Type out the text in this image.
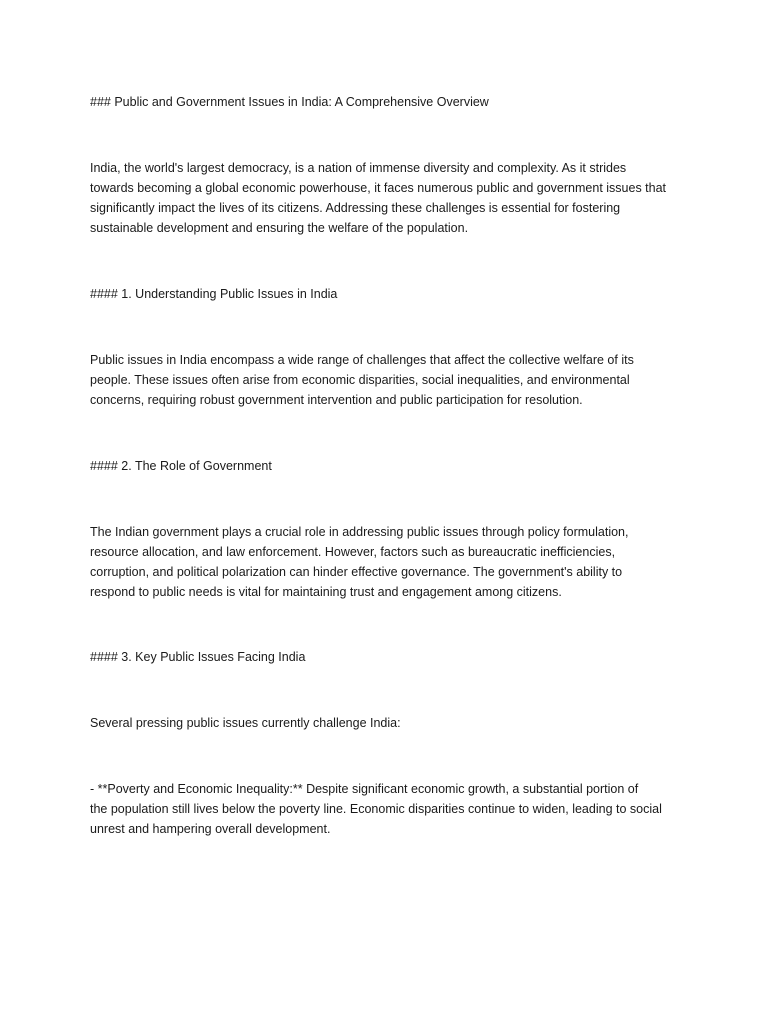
### Public and Government Issues in India: A Comprehensive Overview

India, the world's largest democracy, is a nation of immense diversity and complexity. As it strides

towards becoming a global economic powerhouse, it faces numerous public and government issues that

significantly impact the lives of its citizens. Addressing these challenges is essential for fostering

sustainable development and ensuring the welfare of the population.

#### 1. Understanding Public Issues in India

Public issues in India encompass a wide range of challenges that affect the collective welfare of its

people. These issues often arise from economic disparities, social inequalities, and environmental

concerns, requiring robust government intervention and public participation for resolution.

#### 2. The Role of Government

The Indian government plays a crucial role in addressing public issues through policy formulation,

resource allocation, and law enforcement. However, factors such as bureaucratic inefficiencies,

corruption, and political polarization can hinder effective governance. The government's ability to

respond to public needs is vital for maintaining trust and engagement among citizens.

#### 3. Key Public Issues Facing India

Several pressing public issues currently challenge India:

- **Poverty and Economic Inequality:** Despite significant economic growth, a substantial portion of

the population still lives below the poverty line. Economic disparities continue to widen, leading to social

unrest and hampering overall development.
